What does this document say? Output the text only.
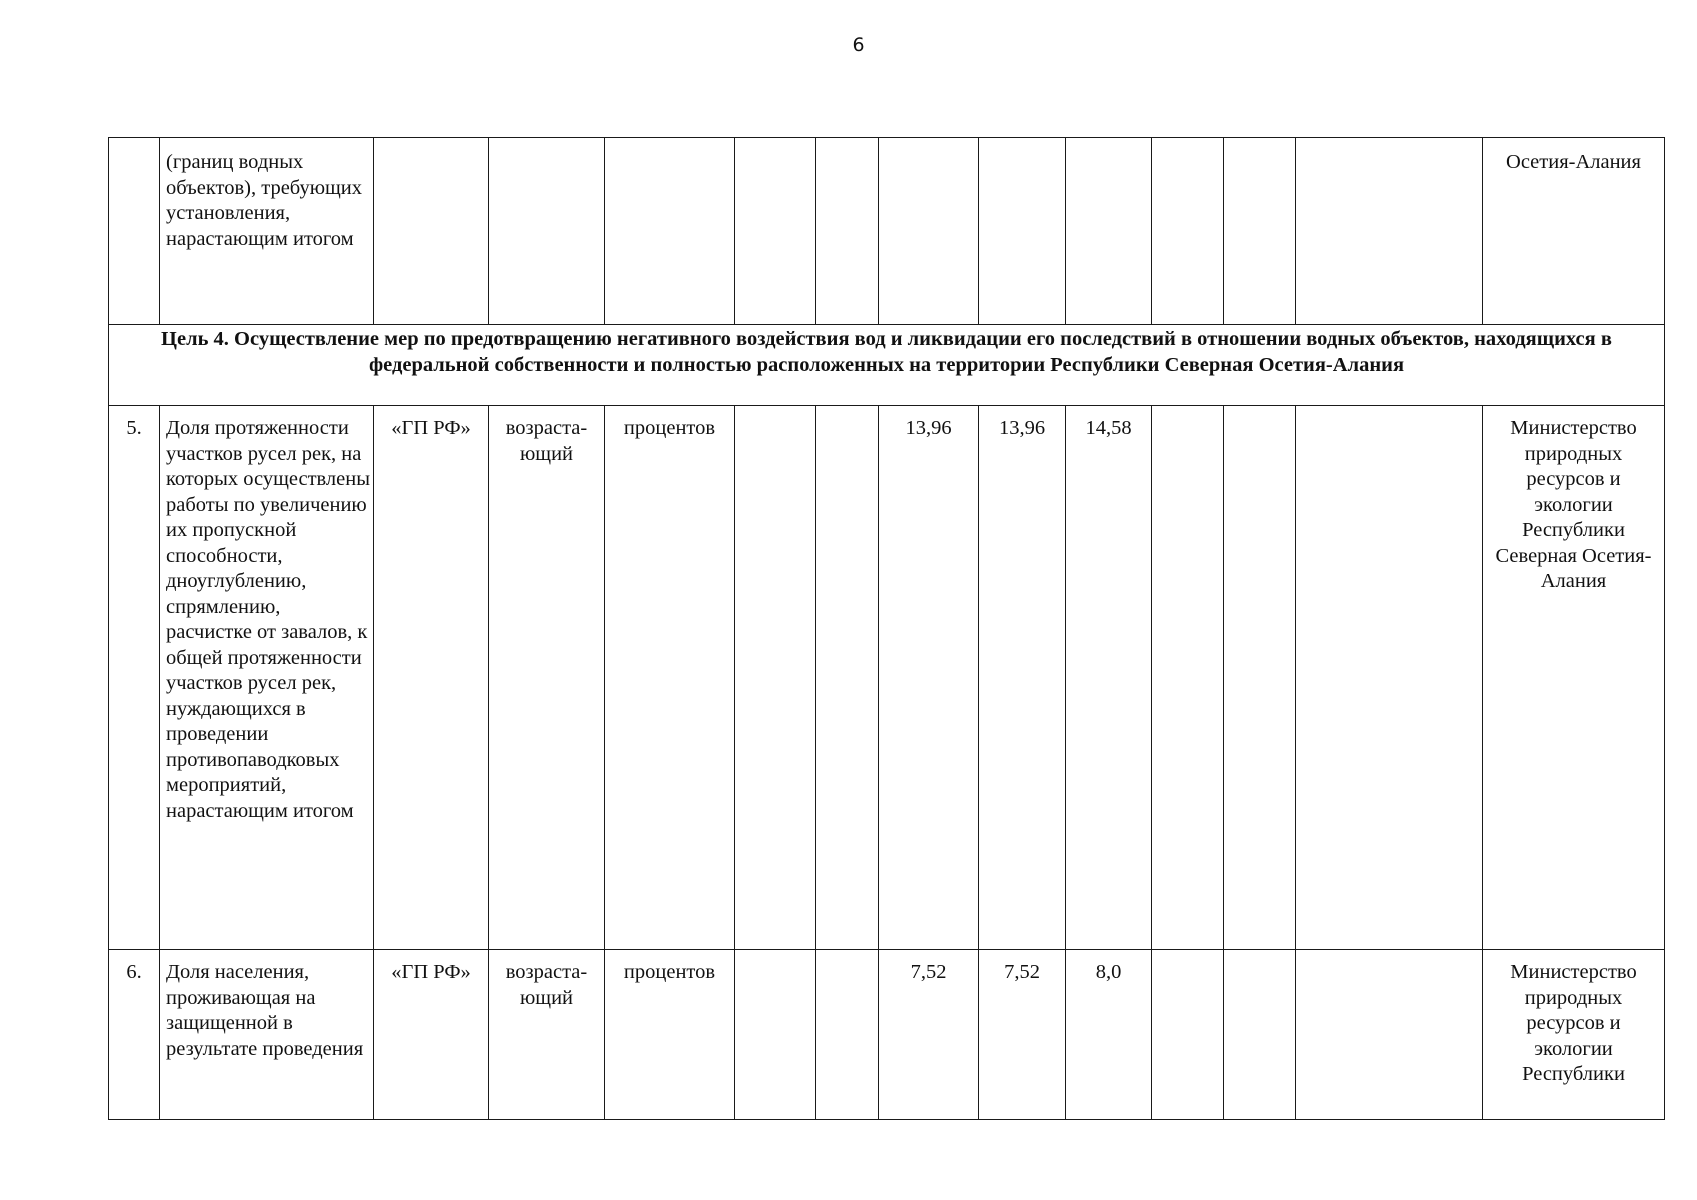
6

	(границ водных объектов), требующих установления, нарастающим итогом												Осетия-Алания

Цель 4. Осуществление мер по предотвращению негативного воздействия вод и ликвидации его последствий в отношении водных объектов, находящихся в федеральной собственности и полностью расположенных на территории Республики Северная Осетия-Алания													
5.	Доля протяженности участков русел рек, на которых осуществлены работы по увеличению их пропускной способности, дноуглублению, спрямлению, расчистке от завалов, к общей протяженности участков русел рек, нуждающихся в проведении противопаводковых мероприятий, нарастающим итогом	«ГП РФ»	возраста-ющий	процентов			13,96	13,96	14,58				Министерство природных ресурсов и экологии Республики Северная Осетия-Алания
6.	Доля населения, проживающая на защищенной в результате проведения	«ГП РФ»	возраста-ющий	процентов			7,52	7,52	8,0				Министерство природных ресурсов и экологии Республики
